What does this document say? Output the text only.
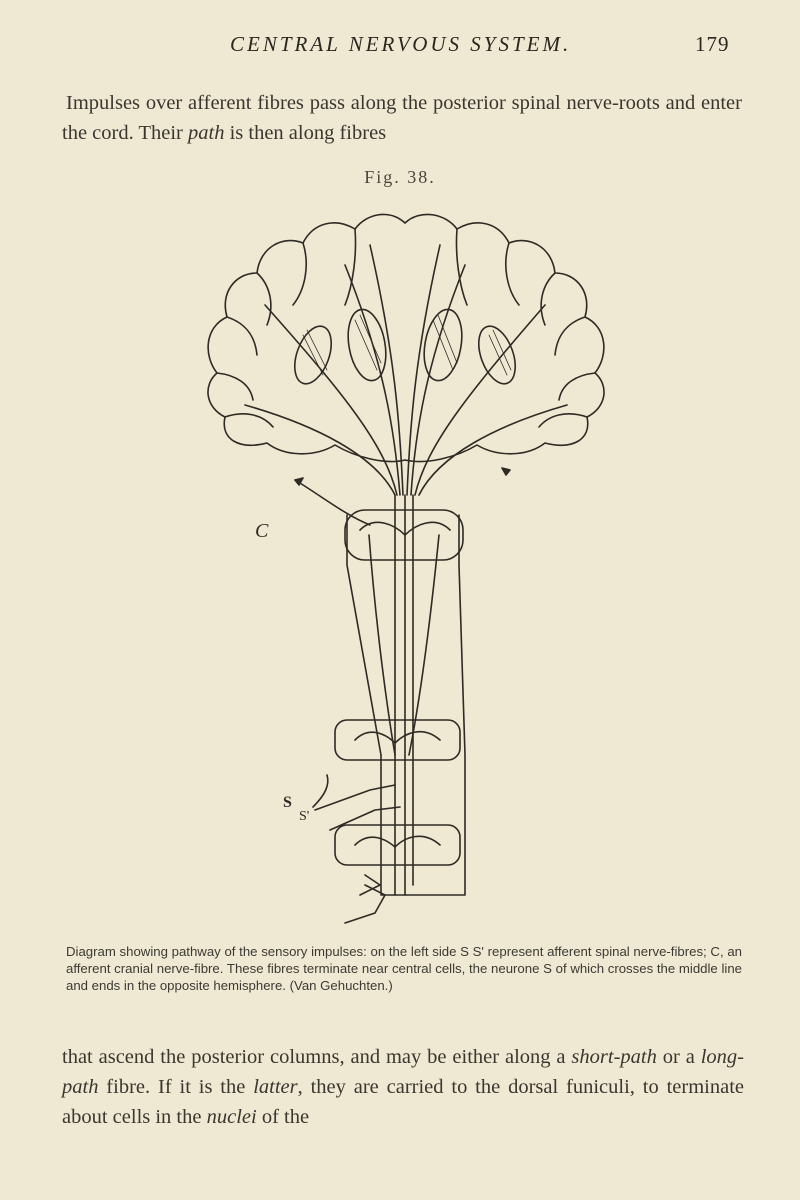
CENTRAL NERVOUS SYSTEM.	179

Impulses over afferent fibres pass along the posterior spinal nerve-roots and enter the cord. Their path is then along fibres

Fig. 38.
C
S
S'
Diagram showing pathway of the sensory impulses: on the left side S S' represent afferent spinal nerve-fibres; C, an afferent cranial nerve-fibre. These fibres terminate near central cells, the neurone S of which crosses the middle line and ends in the opposite hemisphere. (Van Gehuchten.)

that ascend the posterior columns, and may be either along a short-path or a long-path fibre. If it is the latter, they are carried to the dorsal funiculi, to terminate about cells in the nuclei of the
